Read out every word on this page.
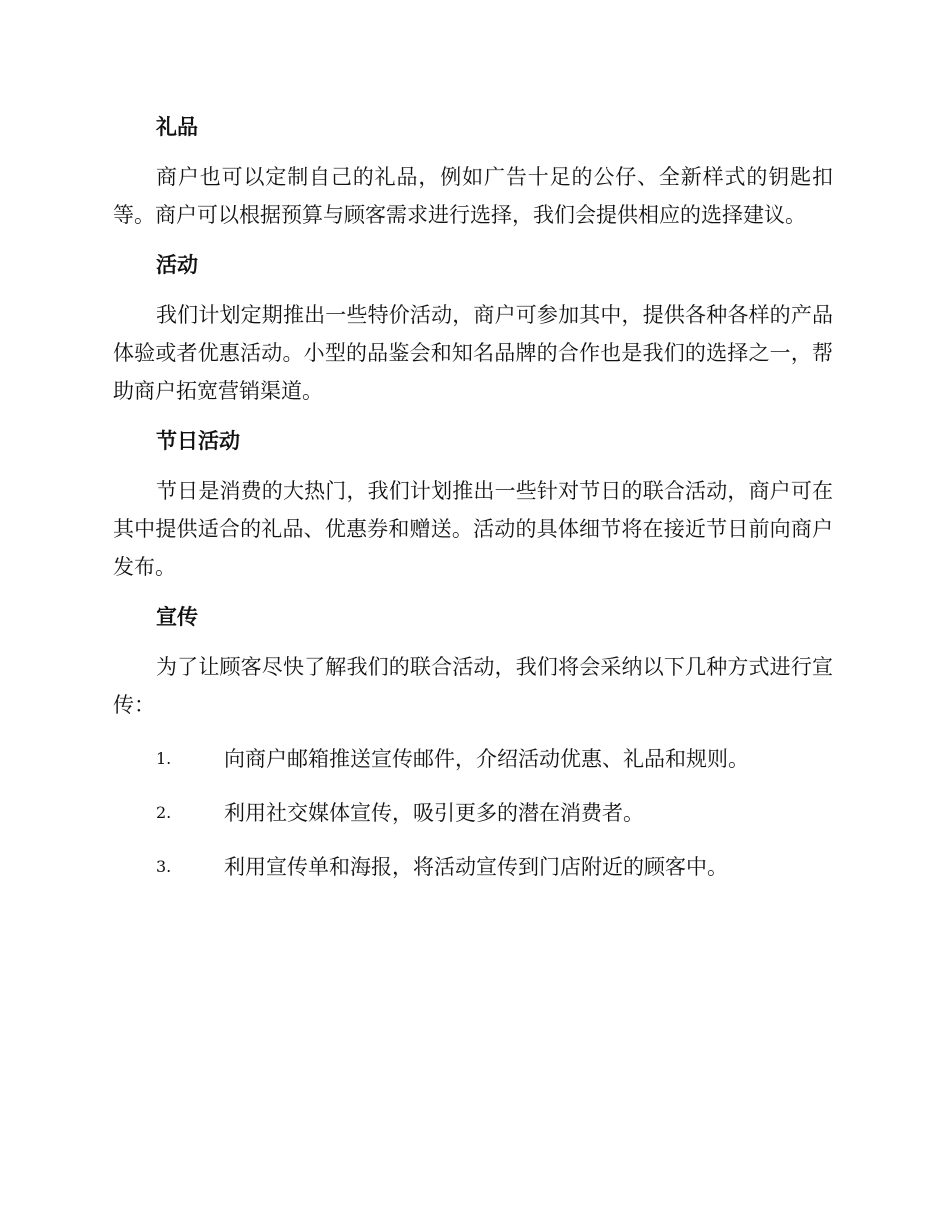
礼品

商户也可以定制自己的礼品，例如广告十足的公仔、全新样式的钥匙扣等。商户可以根据预算与顾客需求进行选择，我们会提供相应的选择建议。

活动

我们计划定期推出一些特价活动，商户可参加其中，提供各种各样的产品体验或者优惠活动。小型的品鉴会和知名品牌的合作也是我们的选择之一，帮助商户拓宽营销渠道。

节日活动

节日是消费的大热门，我们计划推出一些针对节日的联合活动，商户可在其中提供适合的礼品、优惠券和赠送。活动的具体细节将在接近节日前向商户发布。

宣传

为了让顾客尽快了解我们的联合活动，我们将会采纳以下几种方式进行宣传：

1.	向商户邮箱推送宣传邮件，介绍活动优惠、礼品和规则。
2.	利用社交媒体宣传，吸引更多的潜在消费者。
3.	利用宣传单和海报，将活动宣传到门店附近的顾客中。
